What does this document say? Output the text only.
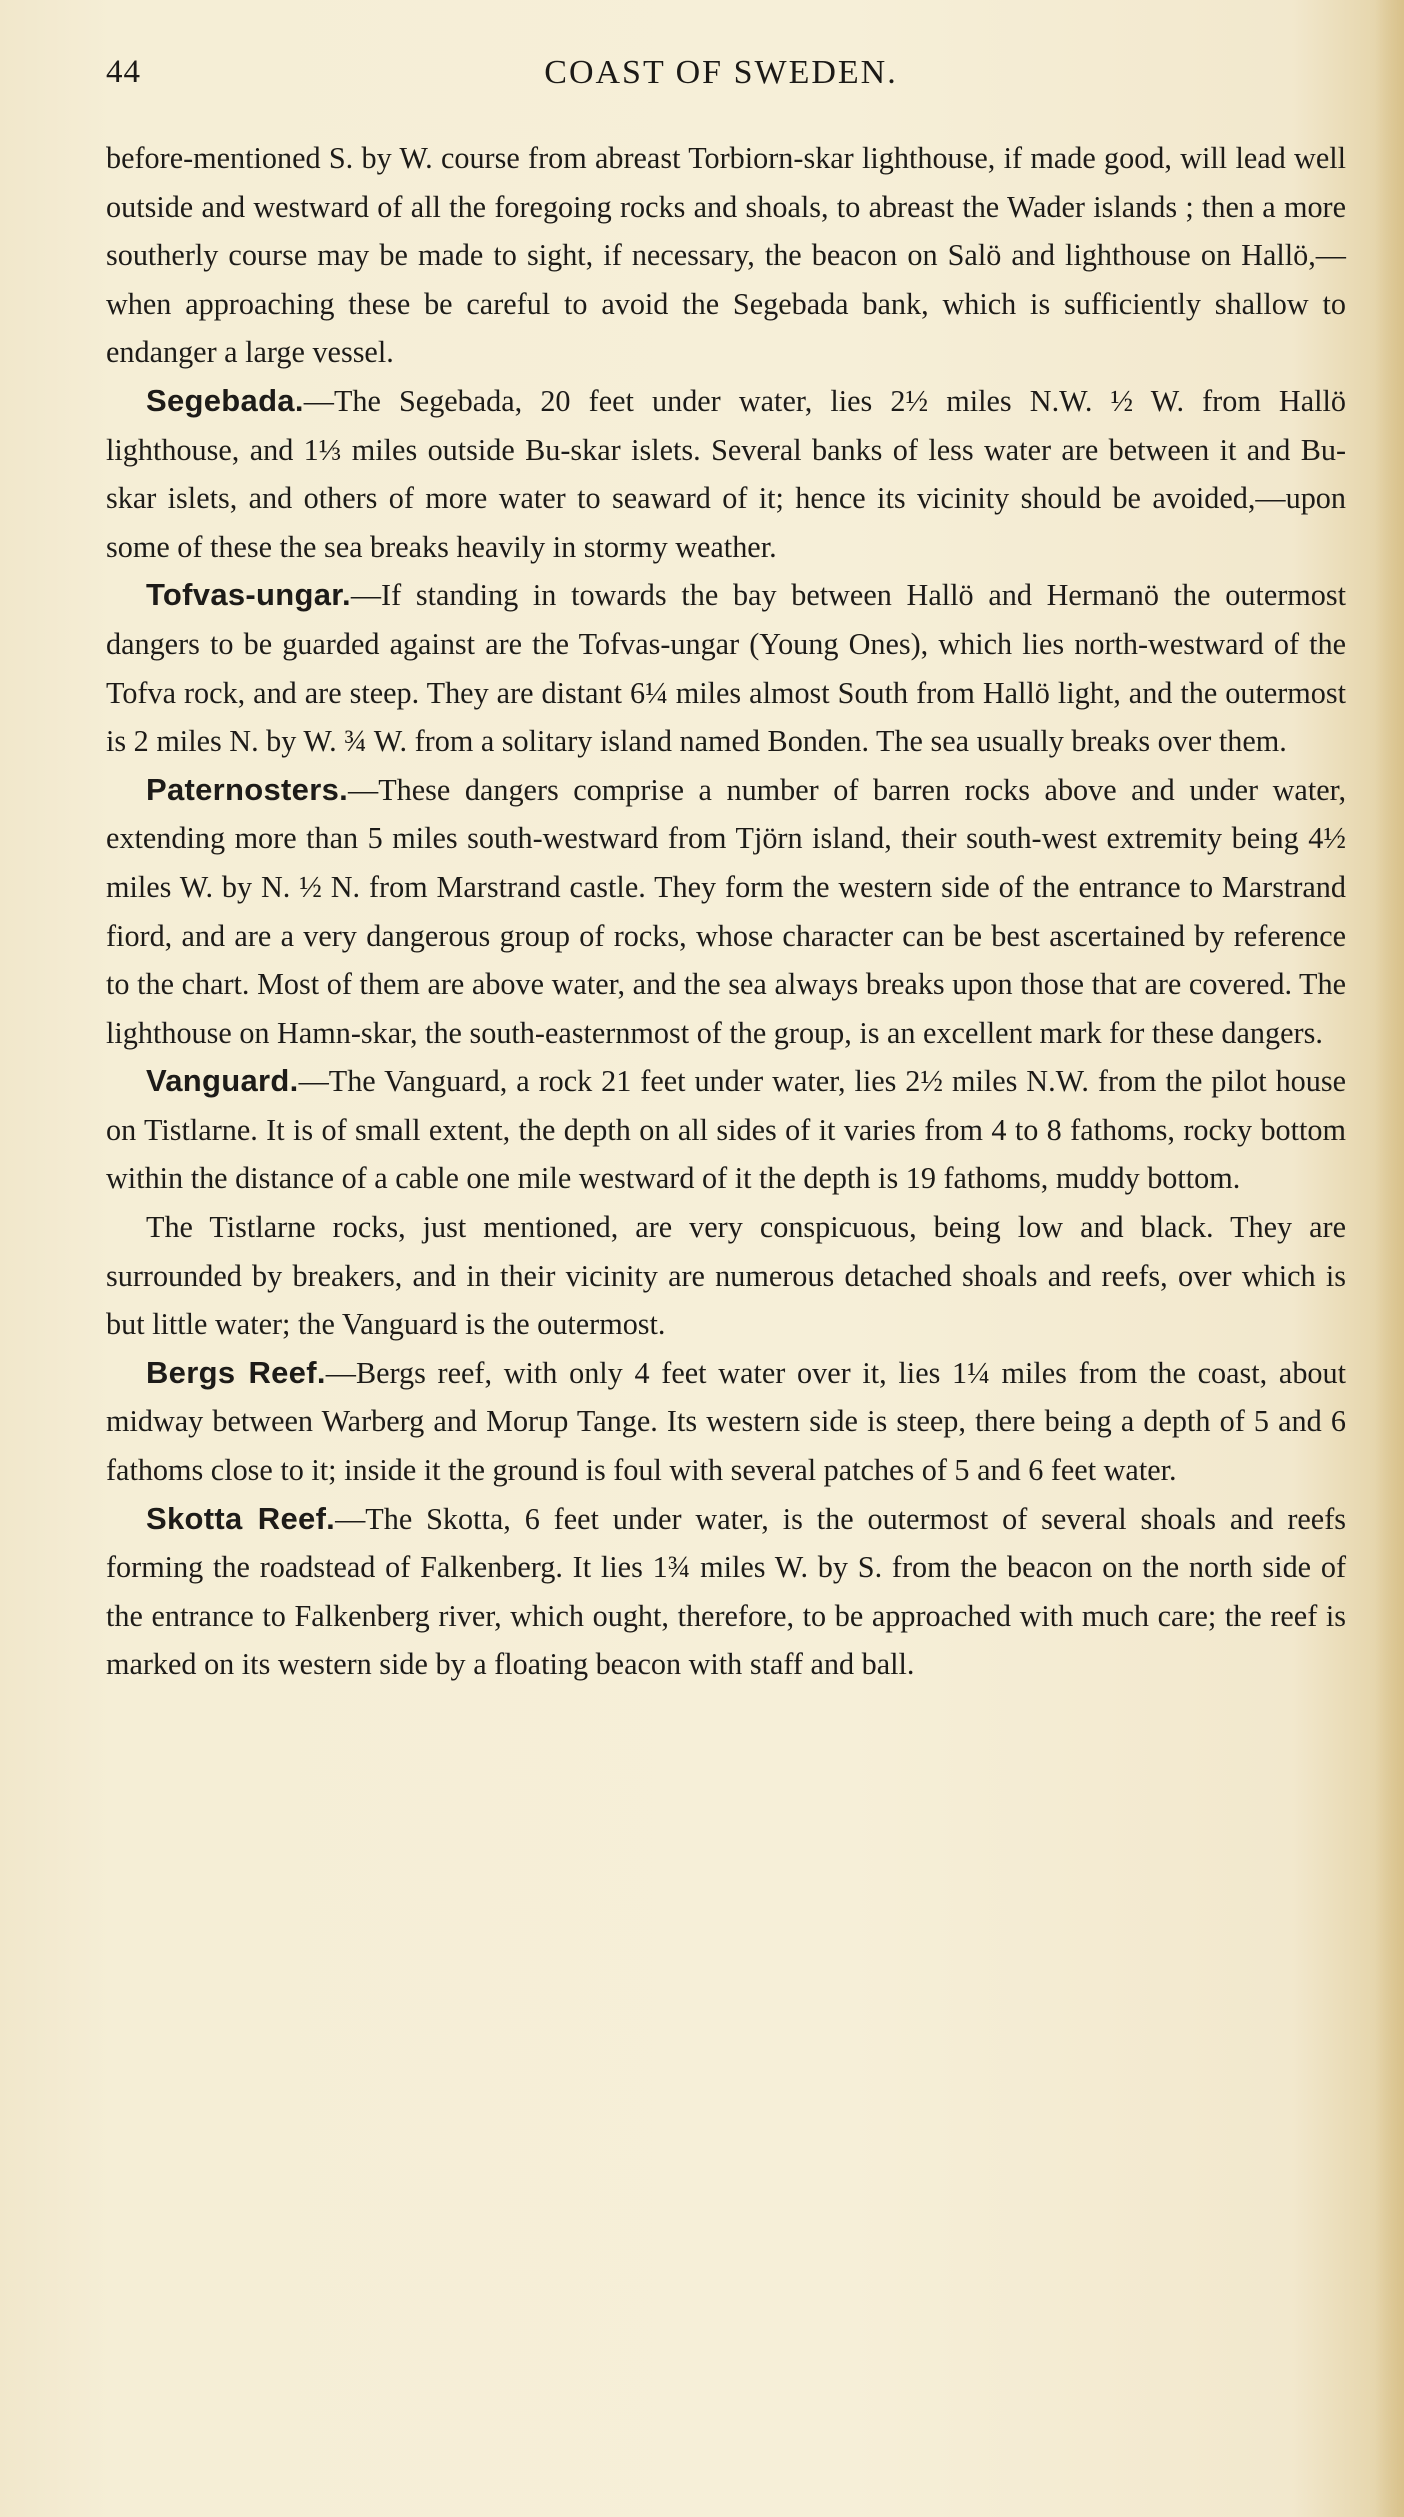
44	COAST OF SWEDEN.

before-mentioned S. by W. course from abreast Torbiorn-skar lighthouse, if made good, will lead well outside and westward of all the foregoing rocks and shoals, to abreast the Wader islands ; then a more southerly course may be made to sight, if necessary, the beacon on Salö and lighthouse on Hallö,—when approaching these be careful to avoid the Segebada bank, which is sufficiently shallow to endanger a large vessel.

Segebada.—The Segebada, 20 feet under water, lies 2½ miles N.W. ½ W. from Hallö lighthouse, and 1⅓ miles outside Bu-skar islets. Several banks of less water are between it and Bu-skar islets, and others of more water to seaward of it; hence its vicinity should be avoided,—upon some of these the sea breaks heavily in stormy weather.

Tofvas-ungar.—If standing in towards the bay between Hallö and Hermanö the outermost dangers to be guarded against are the Tofvas-ungar (Young Ones), which lies north-westward of the Tofva rock, and are steep. They are distant 6¼ miles almost South from Hallö light, and the outermost is 2 miles N. by W. ¾ W. from a solitary island named Bonden. The sea usually breaks over them.

Paternosters.—These dangers comprise a number of barren rocks above and under water, extending more than 5 miles south-westward from Tjörn island, their south-west extremity being 4½ miles W. by N. ½ N. from Marstrand castle. They form the western side of the entrance to Marstrand fiord, and are a very dangerous group of rocks, whose character can be best ascertained by reference to the chart. Most of them are above water, and the sea always breaks upon those that are covered. The lighthouse on Hamn-skar, the south-easternmost of the group, is an excellent mark for these dangers.

Vanguard.—The Vanguard, a rock 21 feet under water, lies 2½ miles N.W. from the pilot house on Tistlarne. It is of small extent, the depth on all sides of it varies from 4 to 8 fathoms, rocky bottom within the distance of a cable one mile westward of it the depth is 19 fathoms, muddy bottom.

The Tistlarne rocks, just mentioned, are very conspicuous, being low and black. They are surrounded by breakers, and in their vicinity are numerous detached shoals and reefs, over which is but little water; the Vanguard is the outermost.

Bergs Reef.—Bergs reef, with only 4 feet water over it, lies 1¼ miles from the coast, about midway between Warberg and Morup Tange. Its western side is steep, there being a depth of 5 and 6 fathoms close to it; inside it the ground is foul with several patches of 5 and 6 feet water.

Skotta Reef.—The Skotta, 6 feet under water, is the outermost of several shoals and reefs forming the roadstead of Falkenberg. It lies 1¾ miles W. by S. from the beacon on the north side of the entrance to Falkenberg river, which ought, therefore, to be approached with much care; the reef is marked on its western side by a floating beacon with staff and ball.
